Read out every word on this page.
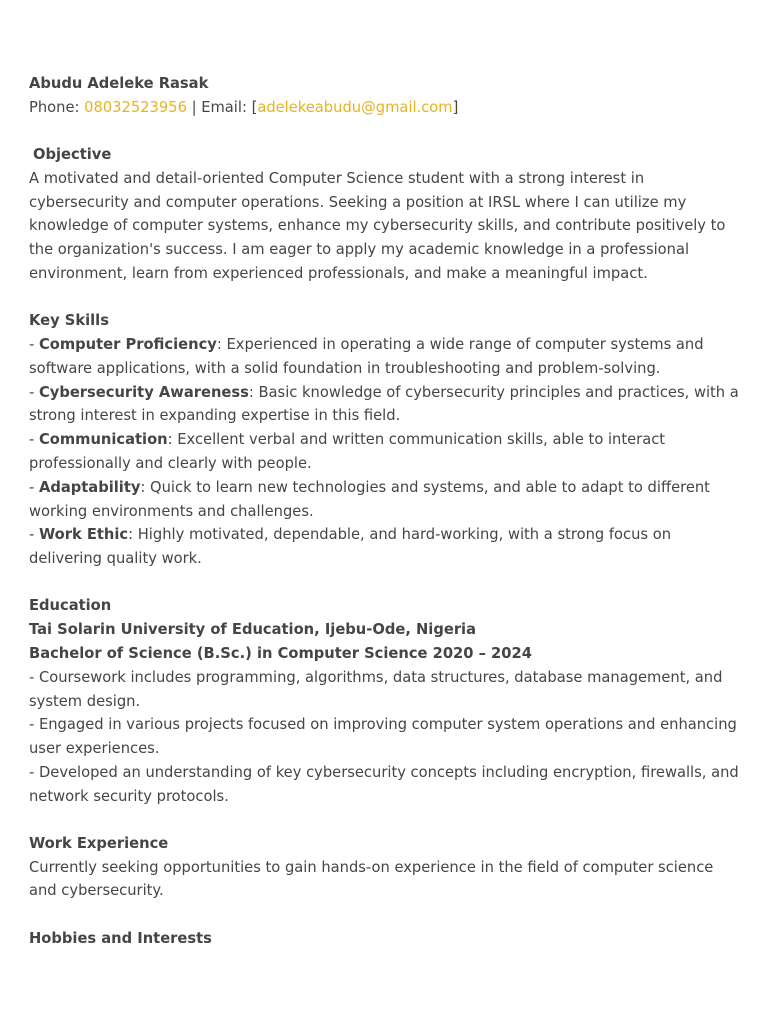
Abudu Adeleke Rasak
Phone: 08032523956 | Email: [adelekeabudu@gmail.com]
Objective
A motivated and detail-oriented Computer Science student with a strong interest in cybersecurity and computer operations. Seeking a position at IRSL where I can utilize my knowledge of computer systems, enhance my cybersecurity skills, and contribute positively to the organization's success. I am eager to apply my academic knowledge in a professional environment, learn from experienced professionals, and make a meaningful impact.
Key Skills
- Computer Proficiency: Experienced in operating a wide range of computer systems and software applications, with a solid foundation in troubleshooting and problem-solving.
- Cybersecurity Awareness: Basic knowledge of cybersecurity principles and practices, with a strong interest in expanding expertise in this field.
- Communication: Excellent verbal and written communication skills, able to interact professionally and clearly with people.
- Adaptability: Quick to learn new technologies and systems, and able to adapt to different working environments and challenges.
- Work Ethic: Highly motivated, dependable, and hard-working, with a strong focus on delivering quality work.
Education
Tai Solarin University of Education, Ijebu-Ode, Nigeria
Bachelor of Science (B.Sc.) in Computer Science 2020 – 2024
- Coursework includes programming, algorithms, data structures, database management, and system design.
- Engaged in various projects focused on improving computer system operations and enhancing user experiences.
- Developed an understanding of key cybersecurity concepts including encryption, firewalls, and network security protocols.
Work Experience
Currently seeking opportunities to gain hands-on experience in the field of computer science and cybersecurity.
Hobbies and Interests
